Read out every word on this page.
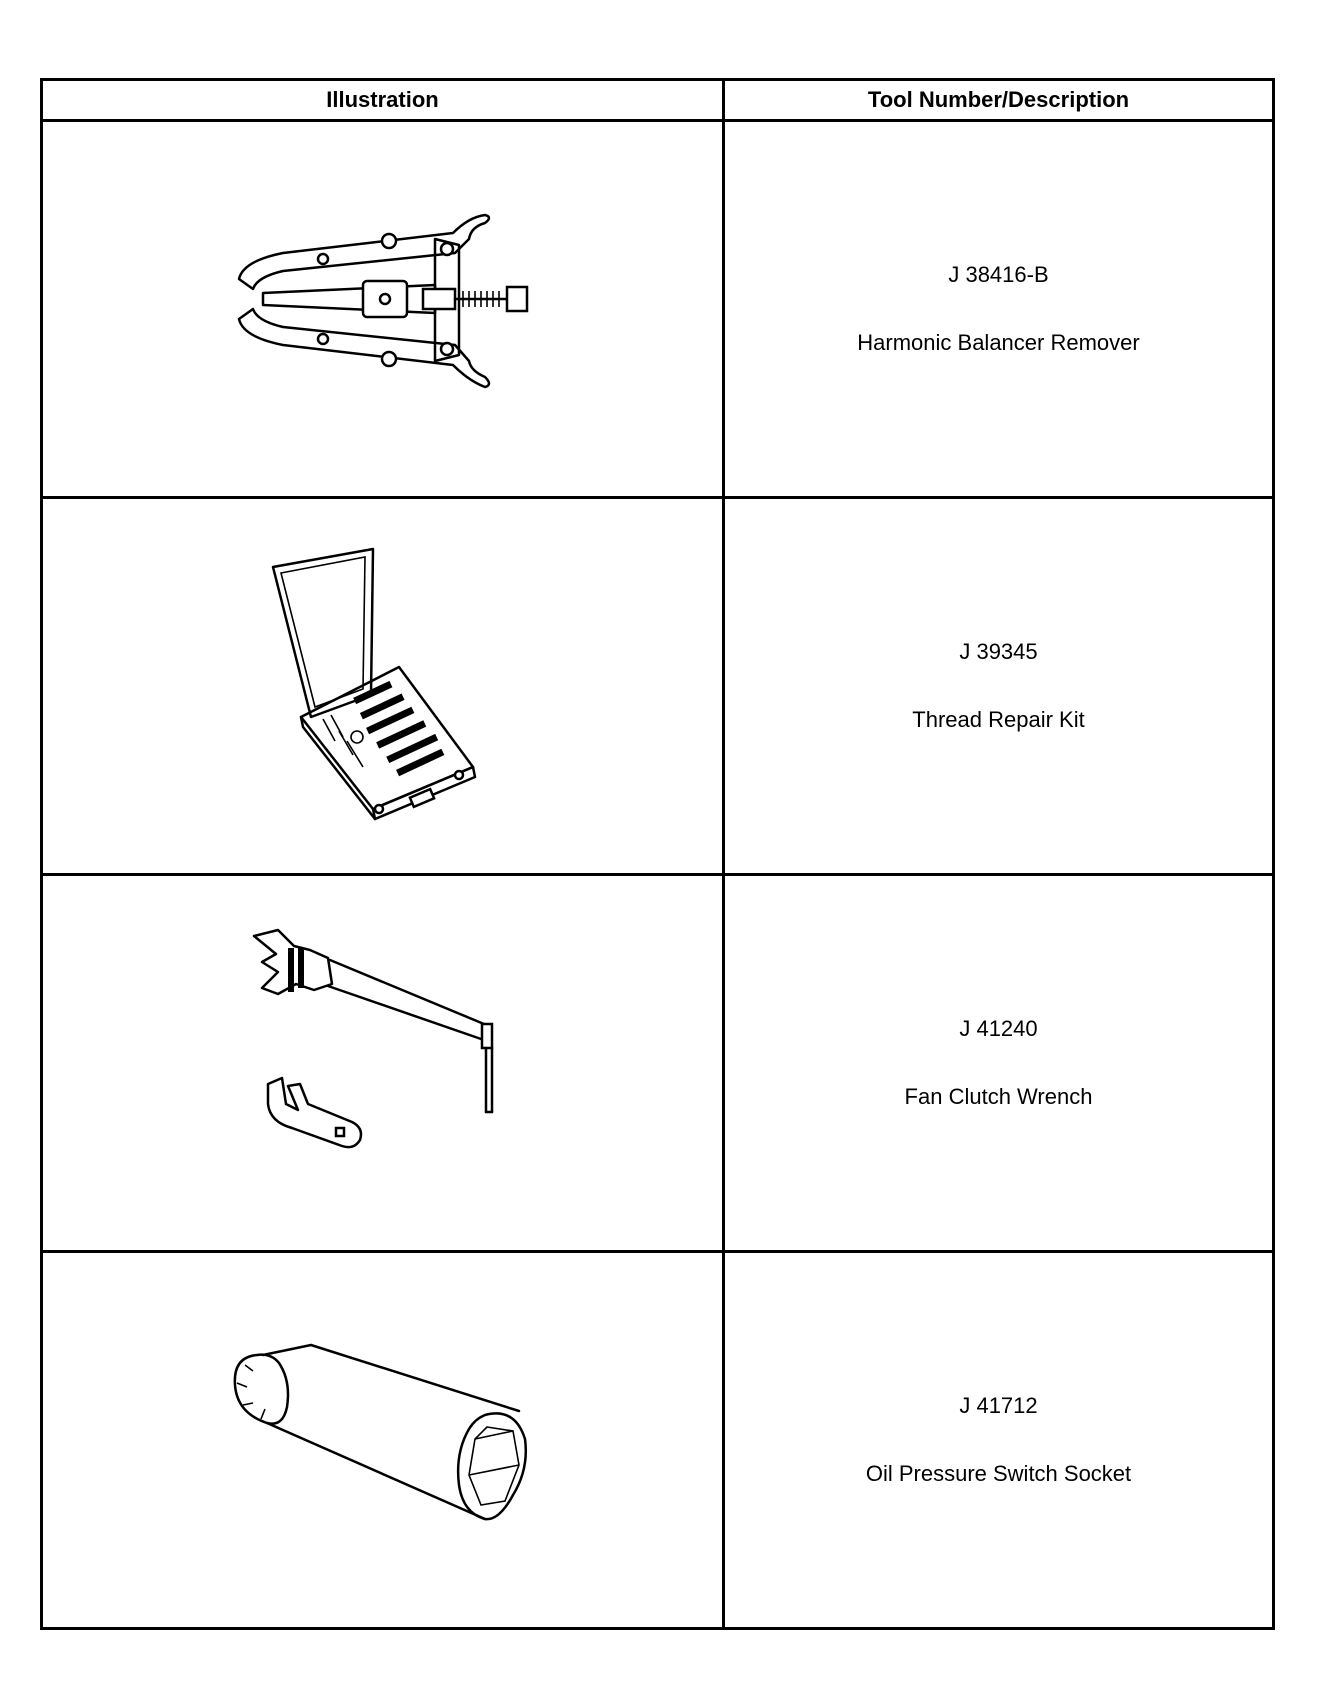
Illustration	Tool Number/Description

J 38416-B
Harmonic Balancer Remover

J 39345
Thread Repair Kit

J 41240
Fan Clutch Wrench

J 41712
Oil Pressure Switch Socket
